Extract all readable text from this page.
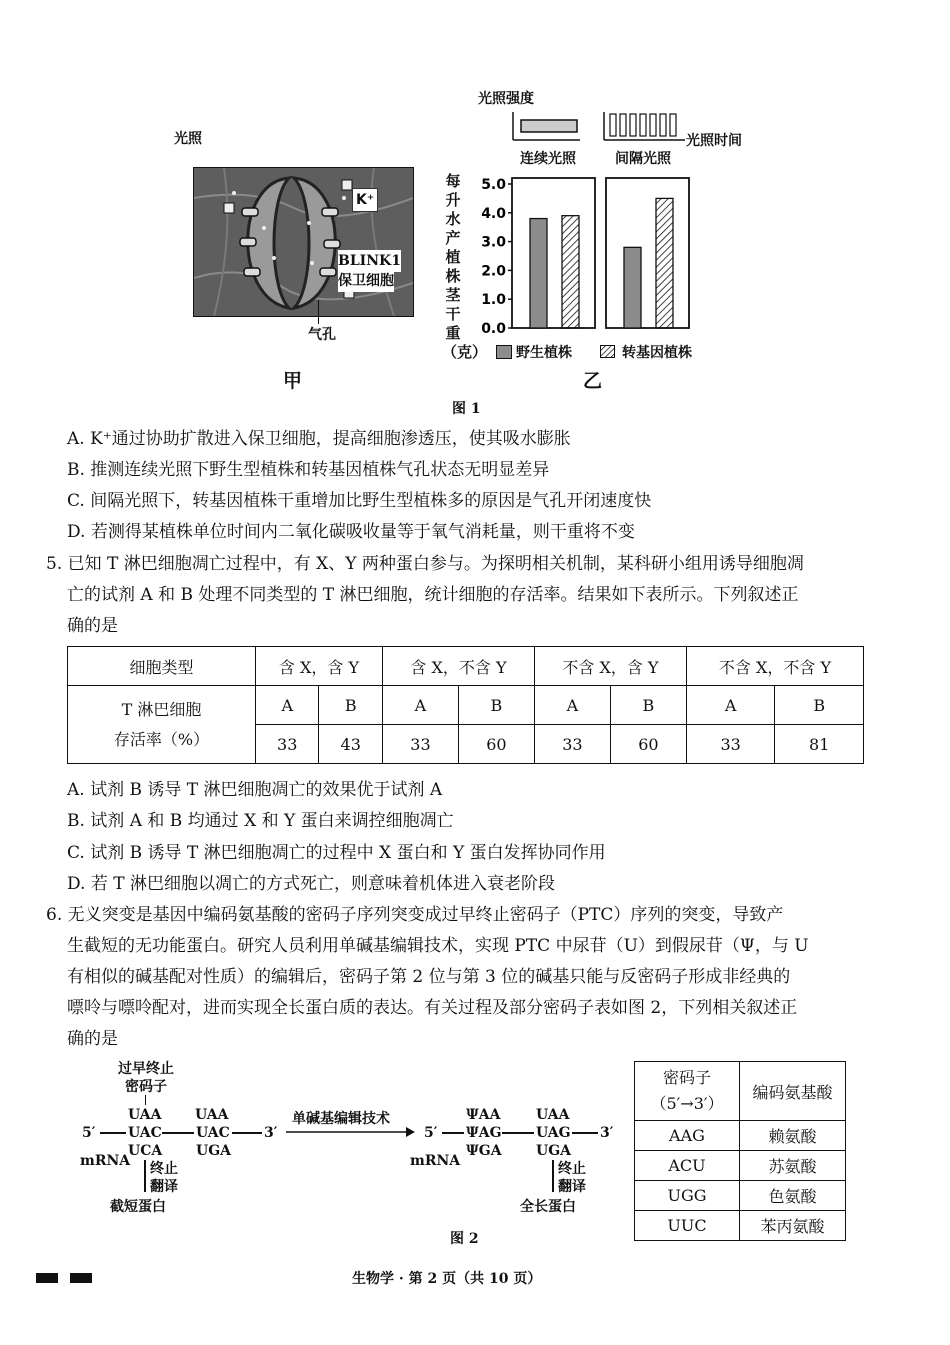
光照
K⁺
BLINK1
保卫细胞
气孔
甲
光照强度
光照时间
连续光照	间隔光照
每升水产植株茎干重（克）
0.0
1.0
2.0
3.0
4.0
5.0
野生植株	转基因植株
乙
图 1
A. K⁺通过协助扩散进入保卫细胞，提高细胞渗透压，使其吸水膨胀
B. 推测连续光照下野生型植株和转基因植株气孔状态无明显差异
C. 间隔光照下，转基因植株干重增加比野生型植株多的原因是气孔开闭速度快
D. 若测得某植株单位时间内二氧化碳吸收量等于氧气消耗量，则干重将不变
5. 已知 T 淋巴细胞凋亡过程中，有 X、Y 两种蛋白参与。为探明相关机制，某科研小组用诱导细胞凋
亡的试剂 A 和 B 处理不同类型的 T 淋巴细胞，统计细胞的存活率。结果如下表所示。下列叙述正
确的是
细胞类型	含 X，含 Y		含 X，不含 Y		不含 X，含 Y		不含 X，不含 Y	

T 淋巴细胞
存活率（%）	A	B	A	B	A	B	A	B
	33	43	33	60	33	60	33	81
A. 试剂 B 诱导 T 淋巴细胞凋亡的效果优于试剂 A
B. 试剂 A 和 B 均通过 X 和 Y 蛋白来调控细胞凋亡
C. 试剂 B 诱导 T 淋巴细胞凋亡的过程中 X 蛋白和 Y 蛋白发挥协同作用
D. 若 T 淋巴细胞以凋亡的方式死亡，则意味着机体进入衰老阶段
6. 无义突变是基因中编码氨基酸的密码子序列突变成过早终止密码子（PTC）序列的突变，导致产
生截短的无功能蛋白。研究人员利用单碱基编辑技术，实现 PTC 中尿苷（U）到假尿苷（Ψ，与 U
有相似的碱基配对性质）的编辑后，密码子第 2 位与第 3 位的碱基只能与反密码子形成非经典的
嘌呤与嘌呤配对，进而实现全长蛋白质的表达。有关过程及部分密码子表如图 2，下列相关叙述正
确的是
过早终止
密码子
UAA UAA
5′ UAC UAC 3′
UCA UGA
mRNA 终止
翻译
截短蛋白
单碱基编辑技术	ΨAA	UAA
5′ ΨAG UAG 3′
ΨGA UGA
mRNA	终止
翻译
全长蛋白
图 2
密码子
（5′→3′）	编码氨基酸
AAG	赖氨酸
ACU	苏氨酸
UGG	色氨酸
UUC	苯丙氨酸
生物学 · 第 2 页（共 10 页）
